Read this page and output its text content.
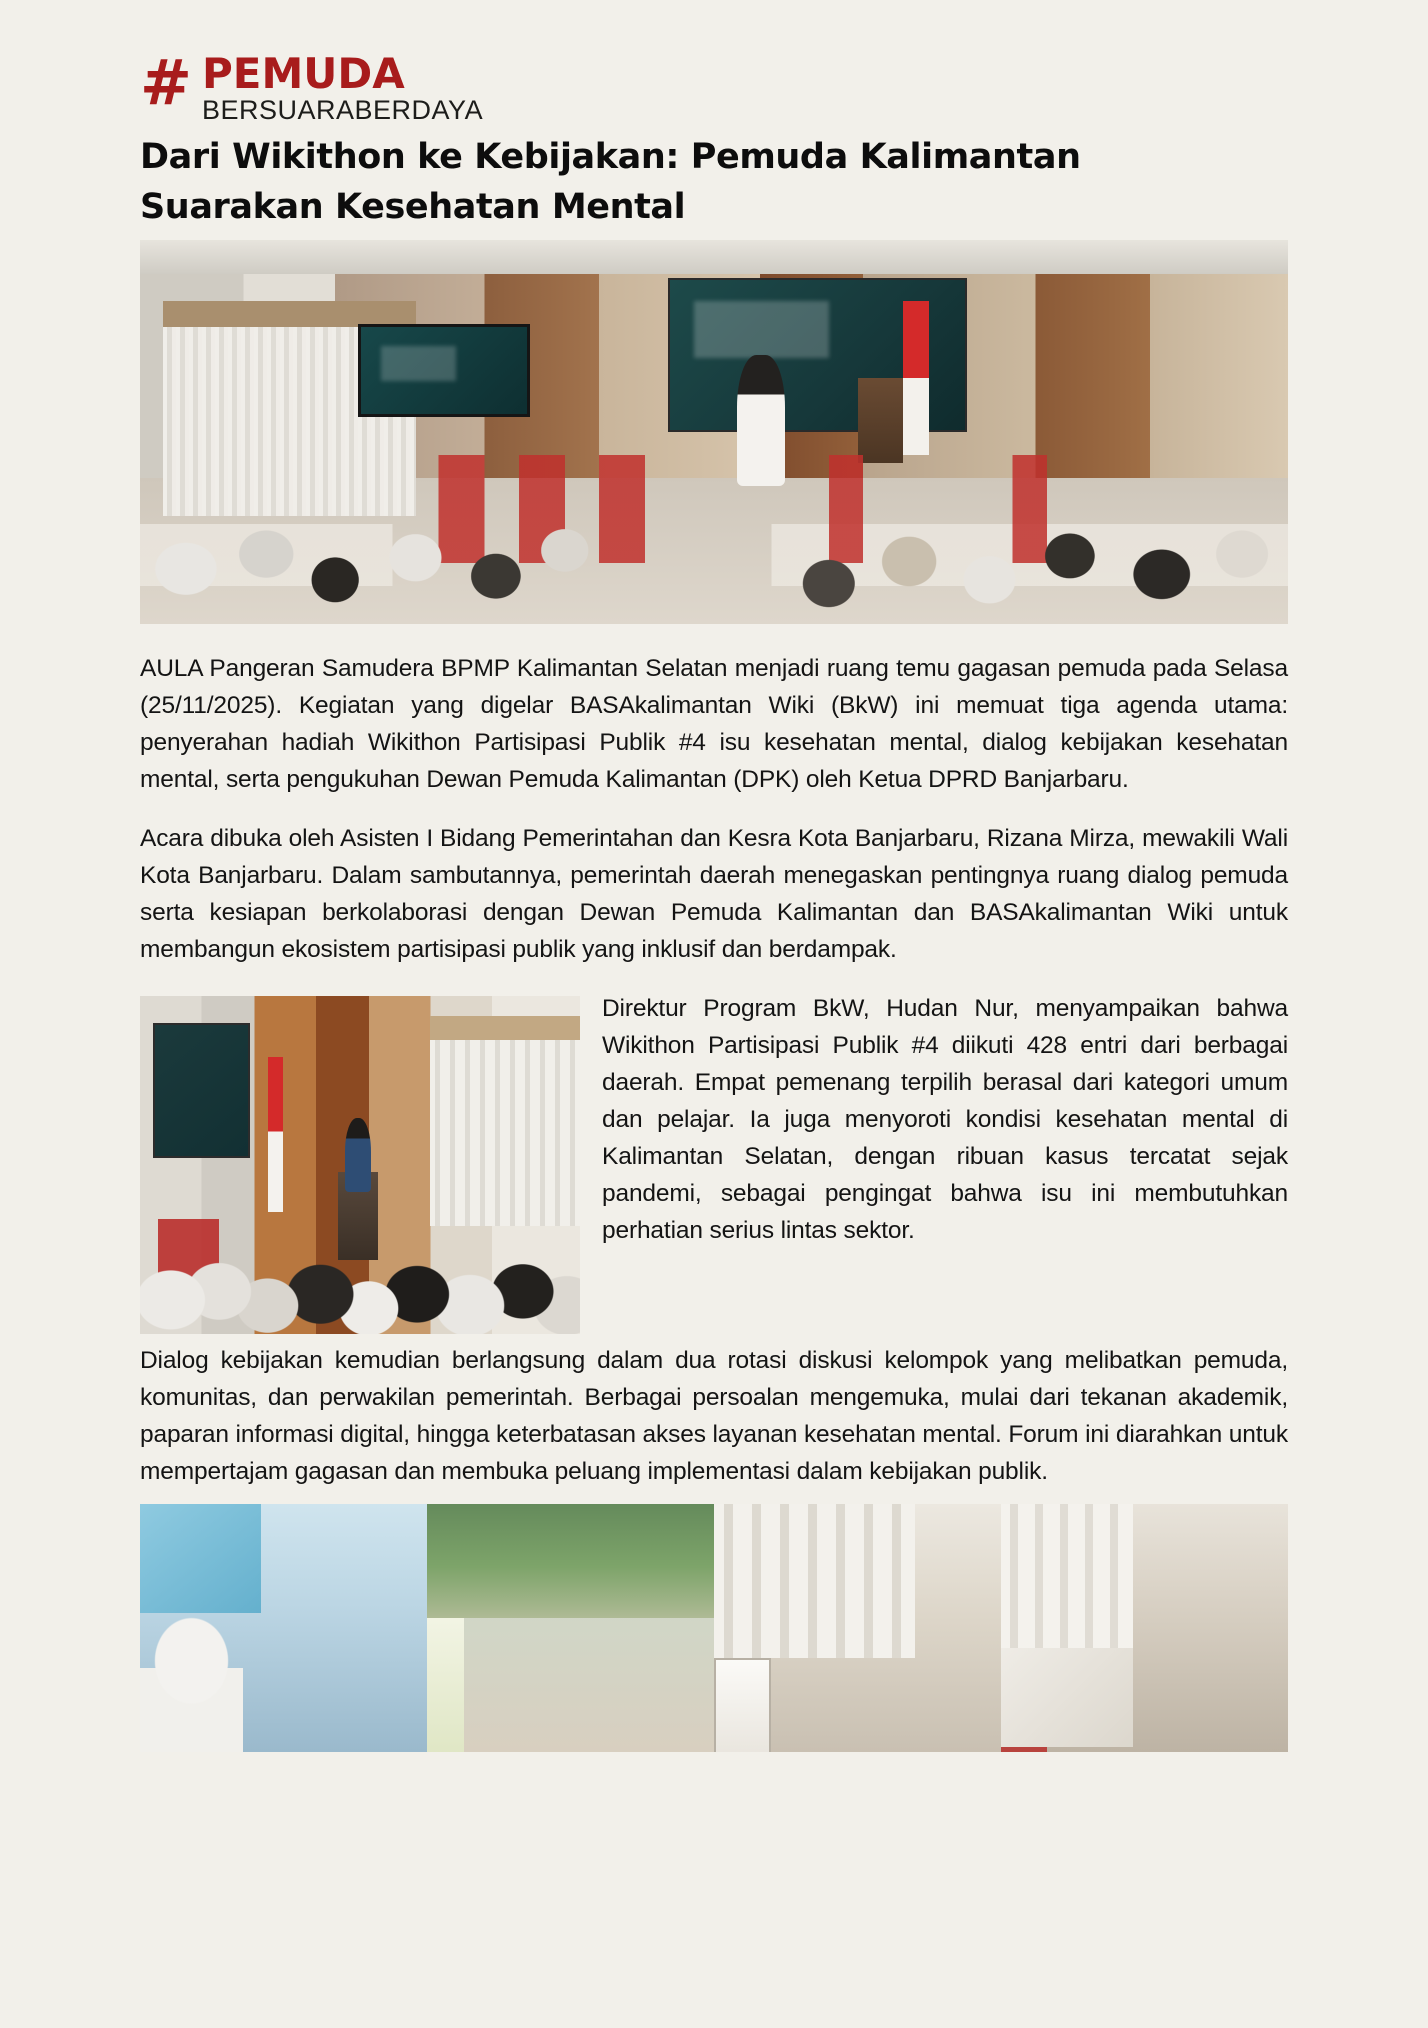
# PEMUDA
BERSUARABERDAYA
Dari Wikithon ke Kebijakan: Pemuda Kalimantan
Suarakan Kesehatan Mental

AULA Pangeran Samudera BPMP Kalimantan Selatan menjadi ruang temu gagasan pemuda pada Selasa (25/11/2025). Kegiatan yang digelar BASAkalimantan Wiki (BkW) ini memuat tiga agenda utama: penyerahan hadiah Wikithon Partisipasi Publik #4 isu kesehatan mental, dialog kebijakan kesehatan mental, serta pengukuhan Dewan Pemuda Kalimantan (DPK) oleh Ketua DPRD Banjarbaru.

Acara dibuka oleh Asisten I Bidang Pemerintahan dan Kesra Kota Banjarbaru, Rizana Mirza, mewakili Wali Kota Banjarbaru. Dalam sambutannya, pemerintah daerah menegaskan pentingnya ruang dialog pemuda serta kesiapan berkolaborasi dengan Dewan Pemuda Kalimantan dan BASAkalimantan Wiki untuk membangun ekosistem partisipasi publik yang inklusif dan berdampak.

Direktur Program BkW, Hudan Nur, menyampaikan bahwa Wikithon Partisipasi Publik #4 diikuti 428 entri dari berbagai daerah. Empat pemenang terpilih berasal dari kategori umum dan pelajar. Ia juga menyoroti kondisi kesehatan mental di Kalimantan Selatan, dengan ribuan kasus tercatat sejak pandemi, sebagai pengingat bahwa isu ini membutuhkan perhatian serius lintas sektor.

Dialog kebijakan kemudian berlangsung dalam dua rotasi diskusi kelompok yang melibatkan pemuda, komunitas, dan perwakilan pemerintah. Berbagai persoalan mengemuka, mulai dari tekanan akademik, paparan informasi digital, hingga keterbatasan akses layanan kesehatan mental. Forum ini diarahkan untuk mempertajam gagasan dan membuka peluang implementasi dalam kebijakan publik.
